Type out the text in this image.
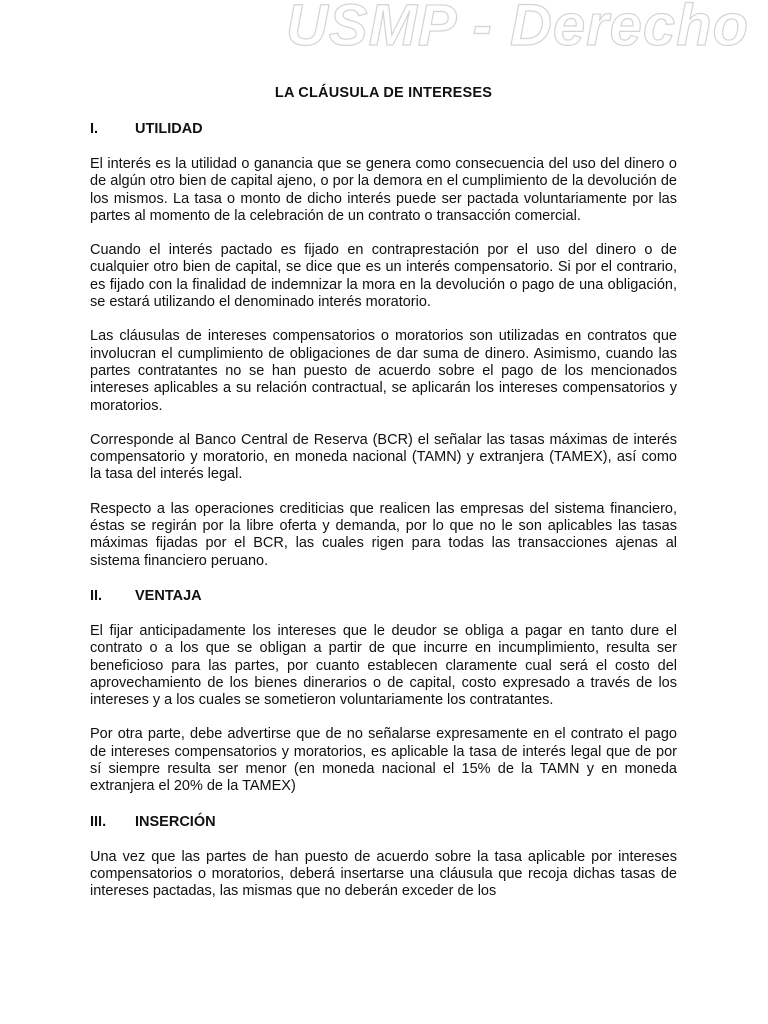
USMP - Derecho
LA CLÁUSULA DE INTERESES
I.	UTILIDAD

El interés es la utilidad o ganancia que se genera como consecuencia del uso del dinero o de algún otro bien de capital ajeno, o por la demora en el cumplimiento de la devolución de los mismos. La tasa o monto de dicho interés puede ser pactada voluntariamente por las partes al momento de la celebración de un contrato o transacción comercial.

Cuando el interés pactado es fijado en contraprestación por el uso del dinero o de cualquier otro bien de capital, se dice que es un interés compensatorio. Si por el contrario, es fijado con la finalidad de indemnizar la mora en la devolución o pago de una obligación, se estará utilizando el denominado interés moratorio.

Las cláusulas de intereses compensatorios o moratorios son utilizadas en contratos que involucran el cumplimiento de obligaciones de dar suma de dinero. Asimismo, cuando las partes contratantes no se han puesto de acuerdo sobre el pago de los mencionados intereses aplicables a su relación contractual, se aplicarán los intereses compensatorios y moratorios.

Corresponde al Banco Central de Reserva (BCR) el señalar las tasas máximas de interés compensatorio y moratorio, en moneda nacional (TAMN) y extranjera (TAMEX), así como la tasa del interés legal.

Respecto a las operaciones crediticias que realicen las empresas del sistema financiero, éstas se regirán por la libre oferta y demanda, por lo que no le son aplicables las tasas máximas fijadas por el BCR, las cuales rigen para todas las transacciones ajenas al sistema financiero peruano.

II.	VENTAJA

El fijar anticipadamente los intereses que le deudor se obliga a pagar en tanto dure el contrato o a los que se obligan a partir de que incurre en incumplimiento, resulta ser beneficioso para las partes, por cuanto establecen claramente cual será el costo del aprovechamiento de los bienes dinerarios o de capital, costo expresado a través de los intereses y a los cuales se sometieron voluntariamente los contratantes.

Por otra parte, debe advertirse que de no señalarse expresamente en el contrato el pago de intereses compensatorios y moratorios, es aplicable la tasa de interés legal que de por sí siempre resulta ser menor (en moneda nacional el 15% de la TAMN y en moneda extranjera el 20% de la TAMEX)

III.	INSERCIÓN

Una vez que las partes de han puesto de acuerdo sobre la tasa aplicable por intereses compensatorios o moratorios, deberá insertarse una cláusula que recoja dichas tasas de intereses pactadas, las mismas que no deberán exceder de los
